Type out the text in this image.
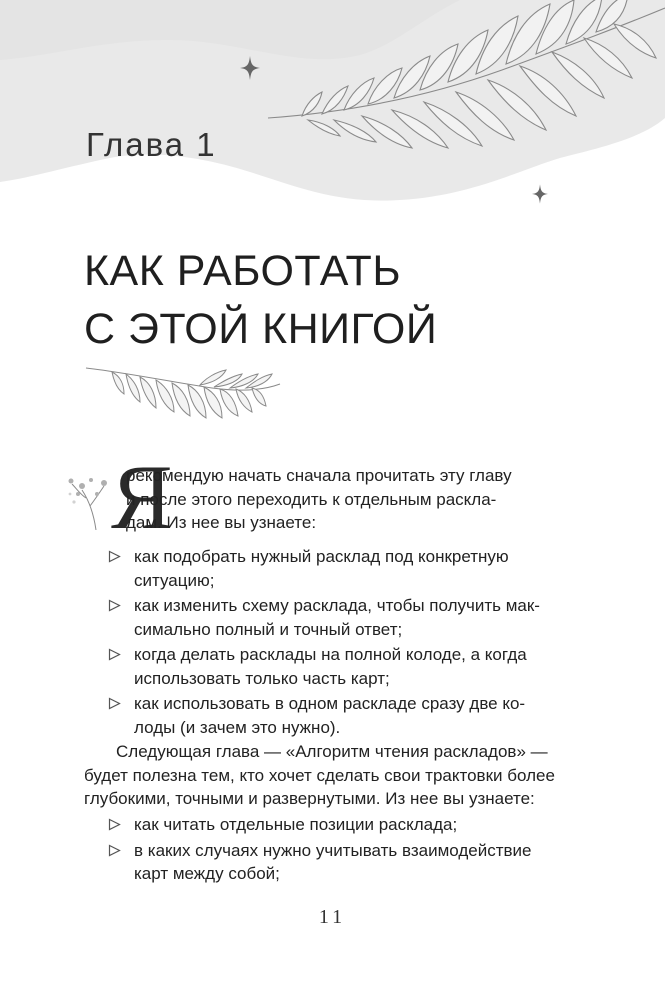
Глава 1
КАК РАБОТАТЬ
С ЭТОЙ КНИГОЙ
Я

рекомендую начать сначала прочитать эту главу
и после этого переходить к отдельным раскла-
дам. Из нее вы узнаете:

как подобрать нужный расклад под конкретную
ситуацию;
как изменить схему расклада, чтобы получить мак-
симально полный и точный ответ;
когда делать расклады на полной колоде, а когда
использовать только часть карт;
как использовать в одном раскладе сразу две ко-
лоды (и зачем это нужно).

Следующая глава — «Алгоритм чтения раскладов» —
будет полезна тем, кто хочет сделать свои трактовки более
глубокими, точными и развернутыми. Из нее вы узнаете:

как читать отдельные позиции расклада;
в каких случаях нужно учитывать взаимодействие
карт между собой;

11
